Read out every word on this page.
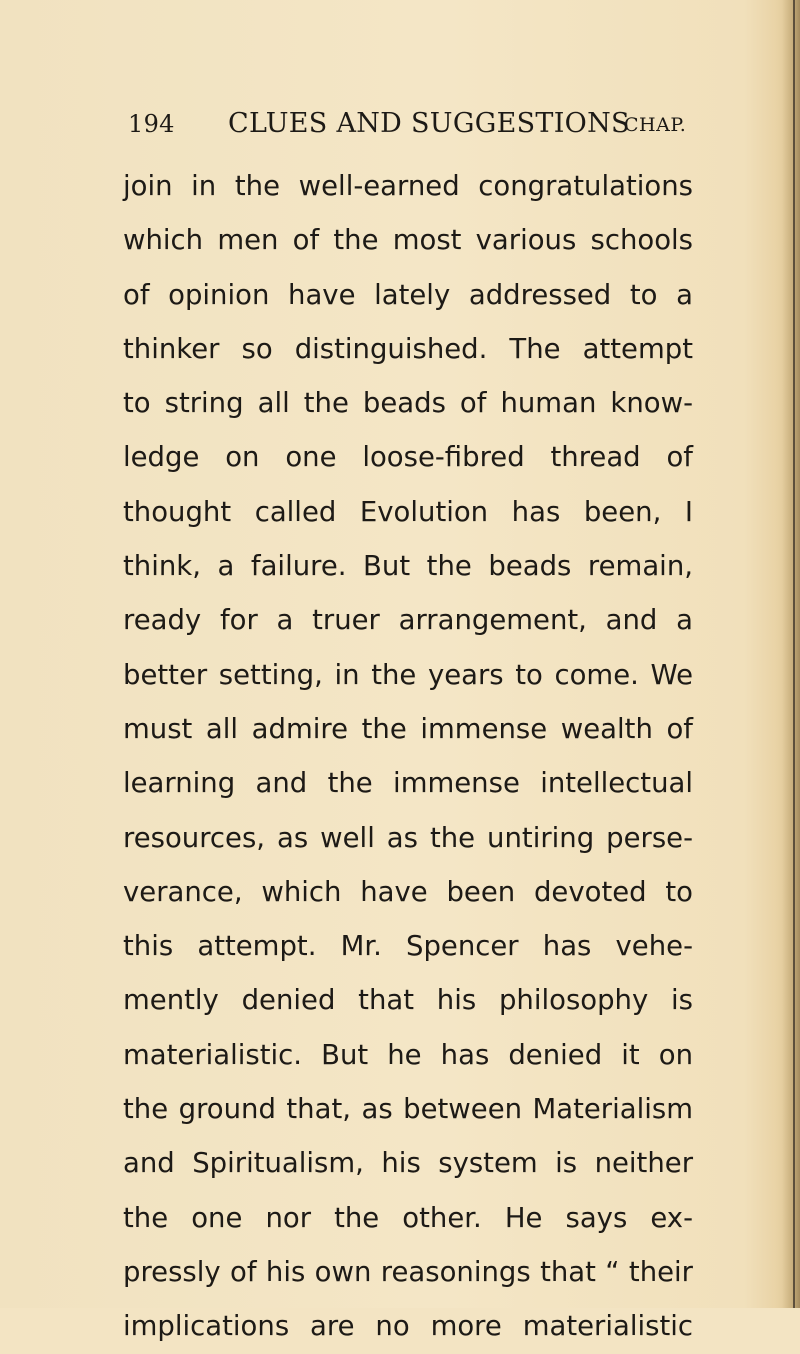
194 CLUES AND SUGGESTIONS
CHAP.
join in the well-earned congratulations
which men of the most various schools
of opinion have lately addressed to a
thinker so distinguished. The attempt
to string all the beads of human know-
ledge on one loose-fibred thread of
thought called Evolution has been, I
think, a failure. But the beads remain,
ready for a truer arrangement, and a
better setting, in the years to come. We
must all admire the immense wealth of
learning and the immense intellectual
resources, as well as the untiring perse-
verance, which have been devoted to
this attempt. Mr. Spencer has vehe-
mently denied that his philosophy is
materialistic. But he has denied it on
the ground that, as between Materialism
and Spiritualism, his system is neither
the one nor the other. He says ex-
pressly of his own reasonings that “ their
implications are no more materialistic
